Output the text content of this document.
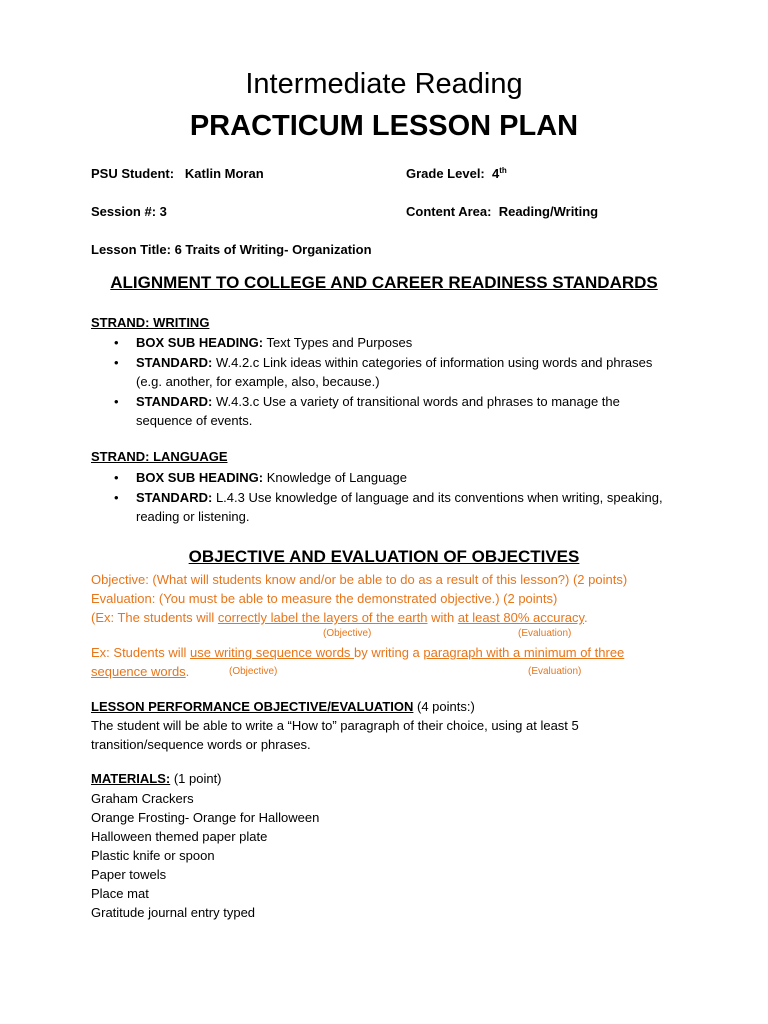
Intermediate Reading
PRACTICUM LESSON PLAN
PSU Student: Katlin Moran	Grade Level: 4th
Session #: 3	Content Area: Reading/Writing
Lesson Title: 6 Traits of Writing- Organization
ALIGNMENT TO COLLEGE AND CAREER READINESS STANDARDS
STRAND: WRITING
• BOX SUB HEADING: Text Types and Purposes
• STANDARD: W.4.2.c Link ideas within categories of information using words and phrases (e.g. another, for example, also, because.)
• STANDARD: W.4.3.c Use a variety of transitional words and phrases to manage the sequence of events.
STRAND: LANGUAGE
• BOX SUB HEADING: Knowledge of Language
• STANDARD: L.4.3 Use knowledge of language and its conventions when writing, speaking, reading or listening.
OBJECTIVE AND EVALUATION OF OBJECTIVES
Objective: (What will students know and/or be able to do as a result of this lesson?) (2 points)
Evaluation: (You must be able to measure the demonstrated objective.) (2 points)
(Ex: The students will correctly label the layers of the earth with at least 80% accuracy.
(Objective)	(Evaluation)
Ex: Students will use writing sequence words by writing a paragraph with a minimum of three
sequence words.	(Objective)	(Evaluation)
LESSON PERFORMANCE OBJECTIVE/EVALUATION (4 points:)
The student will be able to write a “How to” paragraph of their choice, using at least 5 transition/sequence words or phrases.
MATERIALS: (1 point)
Graham Crackers
Orange Frosting- Orange for Halloween
Halloween themed paper plate
Plastic knife or spoon
Paper towels
Place mat
Gratitude journal entry typed
